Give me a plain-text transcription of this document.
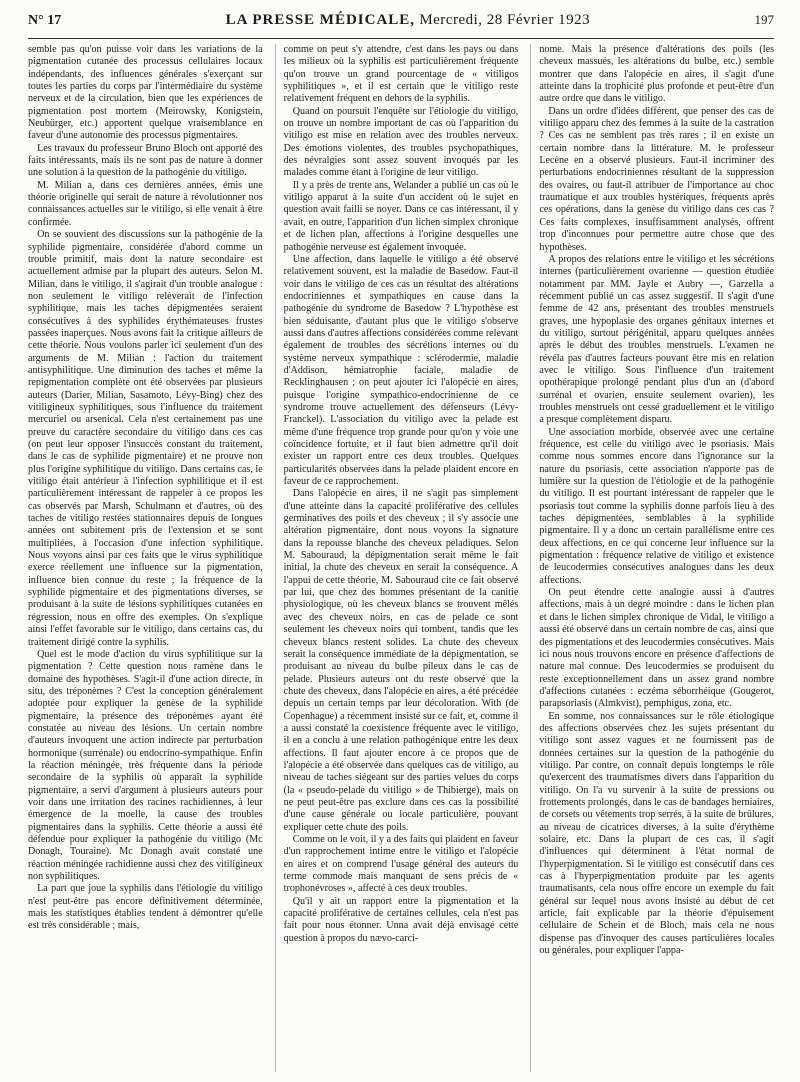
N° 17	LA PRESSE MÉDICALE, Mercredi, 28 Février 1923	197

semble pas qu'on puisse voir dans les variations de la pigmentation cutanée des processus cellulaires locaux indépendants, des influences générales s'exerçant sur toutes les parties du corps par l'intermédiaire du système nerveux et de la circulation, bien que les expériences de pigmentation post mortem (Meirowsky, Konigstein, Neubürger, etc.) apportent quelque vraisemblance en faveur d'une autonomie des processus pigmentaires.

Les travaux du professeur Bruno Bloch ont apporté des faits intéressants, mais ils ne sont pas de nature à donner une solution à la question de la pathogénie du vitiligo.

M. Milian a, dans ces dernières années, émis une théorie originelle qui serait de nature à révolutionner nos connaissances actuelles sur le vitiligo, si elle venait à être confirmée.

On se souvient des discussions sur la pathogénie de la syphilide pigmentaire, considérée d'abord comme un trouble primitif, mais dont la nature secondaire est actuellement admise par la plupart des auteurs. Selon M. Milian, dans le vitiligo, il s'agirait d'un trouble analogue : non seulement le vitiligo relèverait de l'infection syphilitique, mais les taches dépigmentées seraient consécutives à des syphilides érythémateuses frustes passées inaperçues. Nous avons fait la critique ailleurs de cette théorie. Nous voulons parler ici seulement d'un des arguments de M. Milian : l'action du traitement antisyphilitique. Une diminution des taches et même la repigmentation complète ont été observées par plusieurs auteurs (Darier, Milian, Sasamoto, Lévy-Bing) chez des vitiligineux syphilitiques, sous l'influence du traitement mercuriel ou arsenical. Cela n'est certainement pas une preuve du caractère secondaire du vitiligo dans ces cas (on peut leur opposer l'insuccès constant du traitement, dans le cas de syphilide pigmentaire) et ne prouve non plus l'origine syphilitique du vitiligo. Dans certains cas, le vitiligo était antérieur à l'infection syphilitique et il est particulièrement intéressant de rappeler à ce propos les cas observés par Marsh, Schulmann et d'autres, où des taches de vitiligo restées stationnaires depuis de longues années ont subitement pris de l'extension et se sont multipliées, à l'occasion d'une infection syphilitique. Nous voyons ainsi par ces faits que le virus syphilitique exerce réellement une influence sur la pigmentation, influence bien connue du reste ; la fréquence de la syphilide pigmentaire et des pigmentations diverses, se produisant à la suite de lésions syphilitiques cutanées en régression, nous en offre des exemples. On s'explique ainsi l'effet favorable sur le vitiligo, dans certains cas, du traitement dirigé contre la syphilis.

Quel est le mode d'action du virus syphilitique sur la pigmentation ? Cette question nous ramène dans le domaine des hypothèses. S'agit-il d'une action directe, in situ, des tréponèmes ? C'est la conception généralement adoptée pour expliquer la genèse de la syphilide pigmentaire, la présence des tréponèmes ayant été constatée au niveau des lésions. Un certain nombre d'auteurs invoquent une action indirecte par perturbation hormonique (surrénale) ou endocrino-sympathique. Enfin la réaction méningée, très fréquente dans la période secondaire de la syphilis où apparaît la syphilide pigmentaire, a servi d'argument à plusieurs auteurs pour voir dans une irritation des racines rachidiennes, à leur émergence de la moelle, la cause des troubles pigmentaires dans la syphilis. Cette théorie a aussi été défendue pour expliquer la pathogénie du vitiligo (Mc Donagh, Touraine). Mc Donagh avait constaté une réaction méningée rachidienne aussi chez des vitiligineux non syphilitiques.

La part que joue la syphilis dans l'étiologie du vitiligo n'est peut-être pas encore définitivement déterminée, mais les statistiques établies tendent à démontrer qu'elle est très considérable ; mais,

comme on peut s'y attendre, c'est dans les pays ou dans les milieux où la syphilis est particulièrement fréquente qu'on trouve un grand pourcentage de « vitiligos syphilitiques », et il est certain que le vitiligo reste relativement fréquent en dehors de la syphilis.

Quand on poursuit l'enquête sur l'étiologie du vitiligo, on trouve un nombre important de cas où l'apparition du vitiligo est mise en relation avec des troubles nerveux. Des émotions violentes, des troubles psychopathiques, des névralgies sont assez souvent invoqués par les malades comme étant à l'origine de leur vitiligo.

Il y a près de trente ans, Welander a publié un cas où le vitiligo apparut à la suite d'un accident où le sujet en question avait failli se noyer. Dans ce cas intéressant, il y avait, en outre, l'apparition d'un lichen simplex chronique et de lichen plan, affections à l'origine desquelles une pathogénie nerveuse est également invoquée.

Une affection, dans laquelle le vitiligo a été observé relativement souvent, est la maladie de Basedow. Faut-il voir dans le vitiligo de ces cas un résultat des altérations endocriniennes et sympathiques en cause dans la pathogénie du syndrome de Basedow ? L'hypothèse est bien séduisante, d'autant plus que le vitiligo s'observe aussi dans d'autres affections considérées comme relevant également de troubles des sécrétions internes ou du système nerveux sympathique : sclérodermie, maladie d'Addison, hémiatrophie faciale, maladie de Recklinghausen ; on peut ajouter ici l'alopécie en aires, puisque l'origine sympathico-endocrinienne de ce syndrome trouve actuellement des défenseurs (Lévy-Franckel). L'association du vitiligo avec la pelade est même d'une fréquence trop grande pour qu'on y voie une coïncidence fortuite, et il faut bien admettre qu'il doit exister un rapport entre ces deux troubles. Quelques particularités observées dans la pelade plaident encore en faveur de ce rapprochement.

Dans l'alopécie en aires, il ne s'agit pas simplement d'une atteinte dans la capacité proliférative des cellules germinatives des poils et des cheveux ; il s'y associe une altération pigmentaire, dont nous voyons la signature dans la repousse blanche des cheveux peladiques. Selon M. Sabouraud, la dépigmentation serait même le fait initial, la chute des cheveux en serait la conséquence. A l'appui de cette théorie, M. Sabouraud cite ce fait observé par lui, que chez des hommes présentant de la canitie physiologique, où les cheveux blancs se trouvent mêlés avec des cheveux noirs, en cas de pelade ce sont seulement les cheveux noirs qui tombent, tandis que les cheveux blancs restent solides. La chute des cheveux serait la conséquence immédiate de la dépigmentation, se produisant au niveau du bulbe pileux dans le cas de pelade. Plusieurs auteurs ont du reste observé que la chute des cheveux, dans l'alopécie en aires, a été précédée depuis un certain temps par leur décoloration. With (de Copenhague) a récemment insisté sur ce fait, et, comme il a aussi constaté la coexistence fréquente avec le vitiligo, il en a conclu à une relation pathogénique entre les deux affections. Il faut ajouter encore à ce propos que de l'alopécie a été observée dans quelques cas de vitiligo, au niveau de taches siégeant sur des parties velues du corps (la « pseudo-pelade du vitiligo » de Thibierge), mais on ne peut peut-être pas exclure dans ces cas la possibilité d'une cause générale ou locale particulière, pouvant expliquer cette chute des poils.

Comme on le voit, il y a des faits qui plaident en faveur d'un rapprochement intime entre le vitiligo et l'alopécie en aires et on comprend l'usage général des auteurs du terme commode mais manquant de sens précis de « trophonévroses », affecté à ces deux troubles.

Qu'il y ait un rapport entre la pigmentation et la capacité proliférative de certaines cellules, cela n'est pas fait pour nous étonner. Unna avait déjà envisagé cette question à propos du nævo-carci-

nome. Mais la présence d'altérations des poils (les cheveux massués, les altérations du bulbe, etc.) semble montrer que dans l'alopécie en aires, il s'agit d'une atteinte dans la trophicité plus profonde et peut-être d'un autre ordre que dans le vitiligo.

Dans un ordre d'idées différent, que penser des cas de vitiligo apparu chez des femmes à la suite de la castration ? Ces cas ne semblent pas très rares ; il en existe un certain nombre dans la littérature. M. le professeur Lecène en a observé plusieurs. Faut-il incriminer des perturbations endocriniennes résultant de la suppression des ovaires, ou faut-il attribuer de l'importance au choc traumatique et aux troubles hystériques, fréquents après ces opérations, dans la genèse du vitiligo dans ces cas ? Ces faits complexes, insuffisamment analysés, offrent trop d'inconnues pour permettre autre chose que des hypothèses.

A propos des relations entre le vitiligo et les sécrétions internes (particulièrement ovarienne — question étudiée notamment par MM. Jayle et Aubry —, Garzella a récemment publié un cas assez suggestif. Il s'agit d'une femme de 42 ans, présentant des troubles menstruels graves, une hypoplasie des organes génitaux internes et du vitiligo, surtout périgénital, apparu quelques années après le début des troubles menstruels. L'examen ne révéla pas d'autres facteurs pouvant être mis en relation avec le vitiligo. Sous l'influence d'un traitement opothérapique prolongé pendant plus d'un an (d'abord surrénal et ovarien, ensuite seulement ovarien), les troubles menstruels ont cessé graduellement et le vitiligo a presque complètement disparu.

Une association morbide, observée avec une certaine fréquence, est celle du vitiligo avec le psoriasis. Mais comme nous sommes encore dans l'ignorance sur la nature du psoriasis, cette association n'apporte pas de lumière sur la question de l'étiologie et de la pathogénie du vitiligo. Il est pourtant intéressant de rappeler que le psoriasis tout comme la syphilis donne parfois lieu à des taches dépigmentées, semblables à la syphilide pigmentaire. Il y a donc un certain parallélisme entre ces deux affections, en ce qui concerne leur influence sur la pigmentation : fréquence relative de vitiligo et existence de leucodermies consécutives analogues dans les deux affections.

On peut étendre cette analogie aussi à d'autres affections, mais à un degré moindre : dans le lichen plan et dans le lichen simplex chronique de Vidal, le vitiligo a aussi été observé dans un certain nombre de cas, ainsi que des pigmentations et des leucodermies consécutives. Mais ici nous nous trouvons encore en présence d'affections de nature mal connue. Des leucodermies se produisent du reste exceptionnellement dans un assez grand nombre d'affections cutanées : eczéma séborrhéique (Gougerot, parapsoriasis (Almkvist), pemphigus, zona, etc.

En somme, nos connaissances sur le rôle étiologique des affections observées chez les sujets présentant du vitiligo sont assez vagues et ne fournissent pas de données certaines sur la question de la pathogénie du vitiligo. Par contre, on connaît depuis longtemps le rôle qu'exercent des traumatismes divers dans l'apparition du vitiligo. On l'a vu survenir à la suite de pressions ou frottements prolongés, dans le cas de bandages herniaires, de corsets ou vêtements trop serrés, à la suite de brûlures, au niveau de cicatrices diverses, à la suite d'érythème solaire, etc. Dans la plupart de ces cas, il s'agit d'influences qui déterminent à l'état normal de l'hyperpigmentation. Si le vitiligo est consécutif dans ces cas à l'hyperpigmentation produite par les agents traumatisants, cela nous offre encore un exemple du fait général sur lequel nous avons insisté au début de cet article, fait explicable par la théorie d'épuisement cellulaire de Schein et de Bloch, mais cela ne nous dispense pas d'invoquer des causes particulières locales ou générales, pour expliquer l'appa-
